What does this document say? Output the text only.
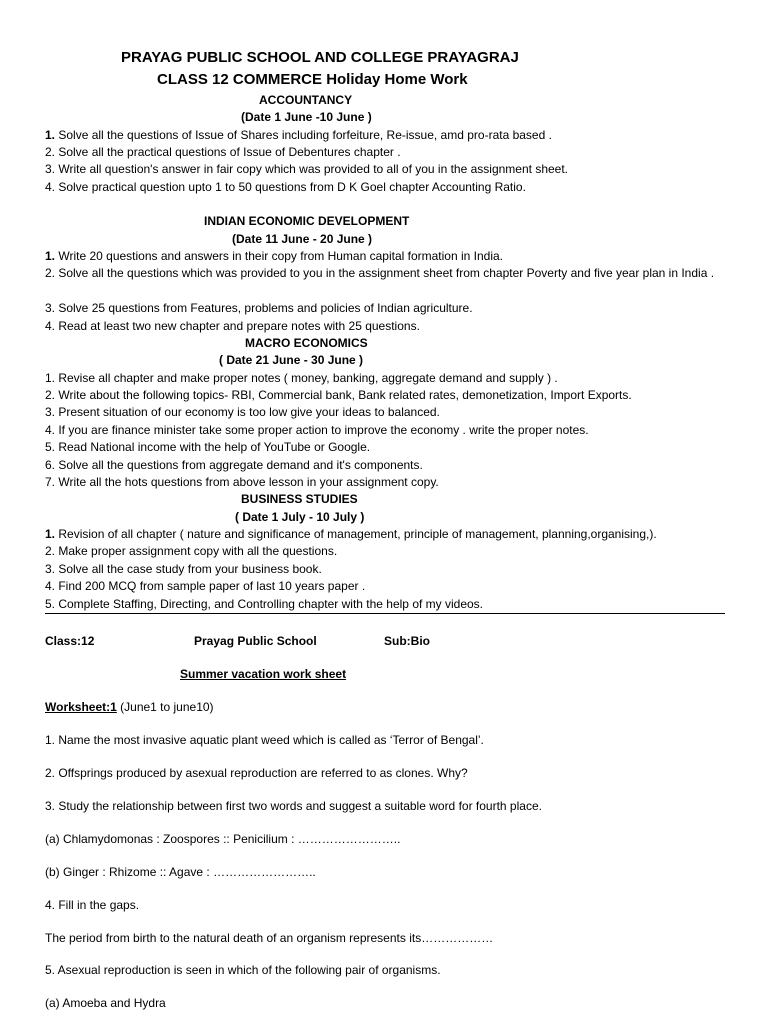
PRAYAG PUBLIC SCHOOL AND COLLEGE PRAYAGRAJ
CLASS 12 COMMERCE Holiday Home Work
ACCOUNTANCY
(Date 1 June -10 June )
1. Solve all the questions of Issue of Shares including forfeiture, Re-issue, amd pro-rata based .
2. Solve all the practical questions of Issue of Debentures chapter .
3. Write all question's answer in fair copy which was provided to all of you in the assignment sheet.
4. Solve practical question upto 1 to 50 questions from D K Goel chapter Accounting Ratio.
INDIAN ECONOMIC DEVELOPMENT
(Date 11 June - 20 June )
1. Write 20 questions and answers in their copy from Human capital formation in India.
2. Solve all the questions which was provided to you in the assignment sheet from chapter Poverty and five year plan in India .
3. Solve 25 questions from Features, problems and policies of Indian agriculture.
4. Read at least two new chapter and prepare notes with 25 questions.
MACRO ECONOMICS
( Date 21 June - 30 June )
1. Revise all chapter and make proper notes ( money, banking, aggregate demand and supply ) .
2. Write about the following topics- RBI, Commercial bank, Bank related rates, demonetization, Import Exports.
3. Present situation of our economy is too low give your ideas to balanced.
4. If you are finance minister take some proper action to improve the economy . write the proper notes.
5. Read National income with the help of YouTube or Google.
6. Solve all the questions from aggregate demand and it's components.
7. Write all the hots questions from above lesson in your assignment copy.
BUSINESS STUDIES
( Date 1 July - 10 July )
1. Revision of all chapter ( nature and significance of management, principle of management, planning,organising,).
2. Make proper assignment copy with all the questions.
3. Solve all the case study from your business book.
4. Find 200 MCQ from sample paper of last 10 years paper .
5. Complete Staffing, Directing, and Controlling chapter with the help of my videos.
Class:12	Prayag Public School	Sub:Bio
Summer vacation work sheet
Worksheet:1 (June1 to june10)
1. Name the most invasive aquatic plant weed which is called as ‘Terror of Bengal’.
2. Offsprings produced by asexual reproduction are referred to as clones. Why?
3. Study the relationship between first two words and suggest a suitable word for fourth place.
(a) Chlamydomonas : Zoospores :: Penicilium : ……………………..
(b) Ginger : Rhizome :: Agave : ……………………..
4. Fill in the gaps.
The period from birth to the natural death of an organism represents its………………
5. Asexual reproduction is seen in which of the following pair of organisms.
(a) Amoeba and Hydra
